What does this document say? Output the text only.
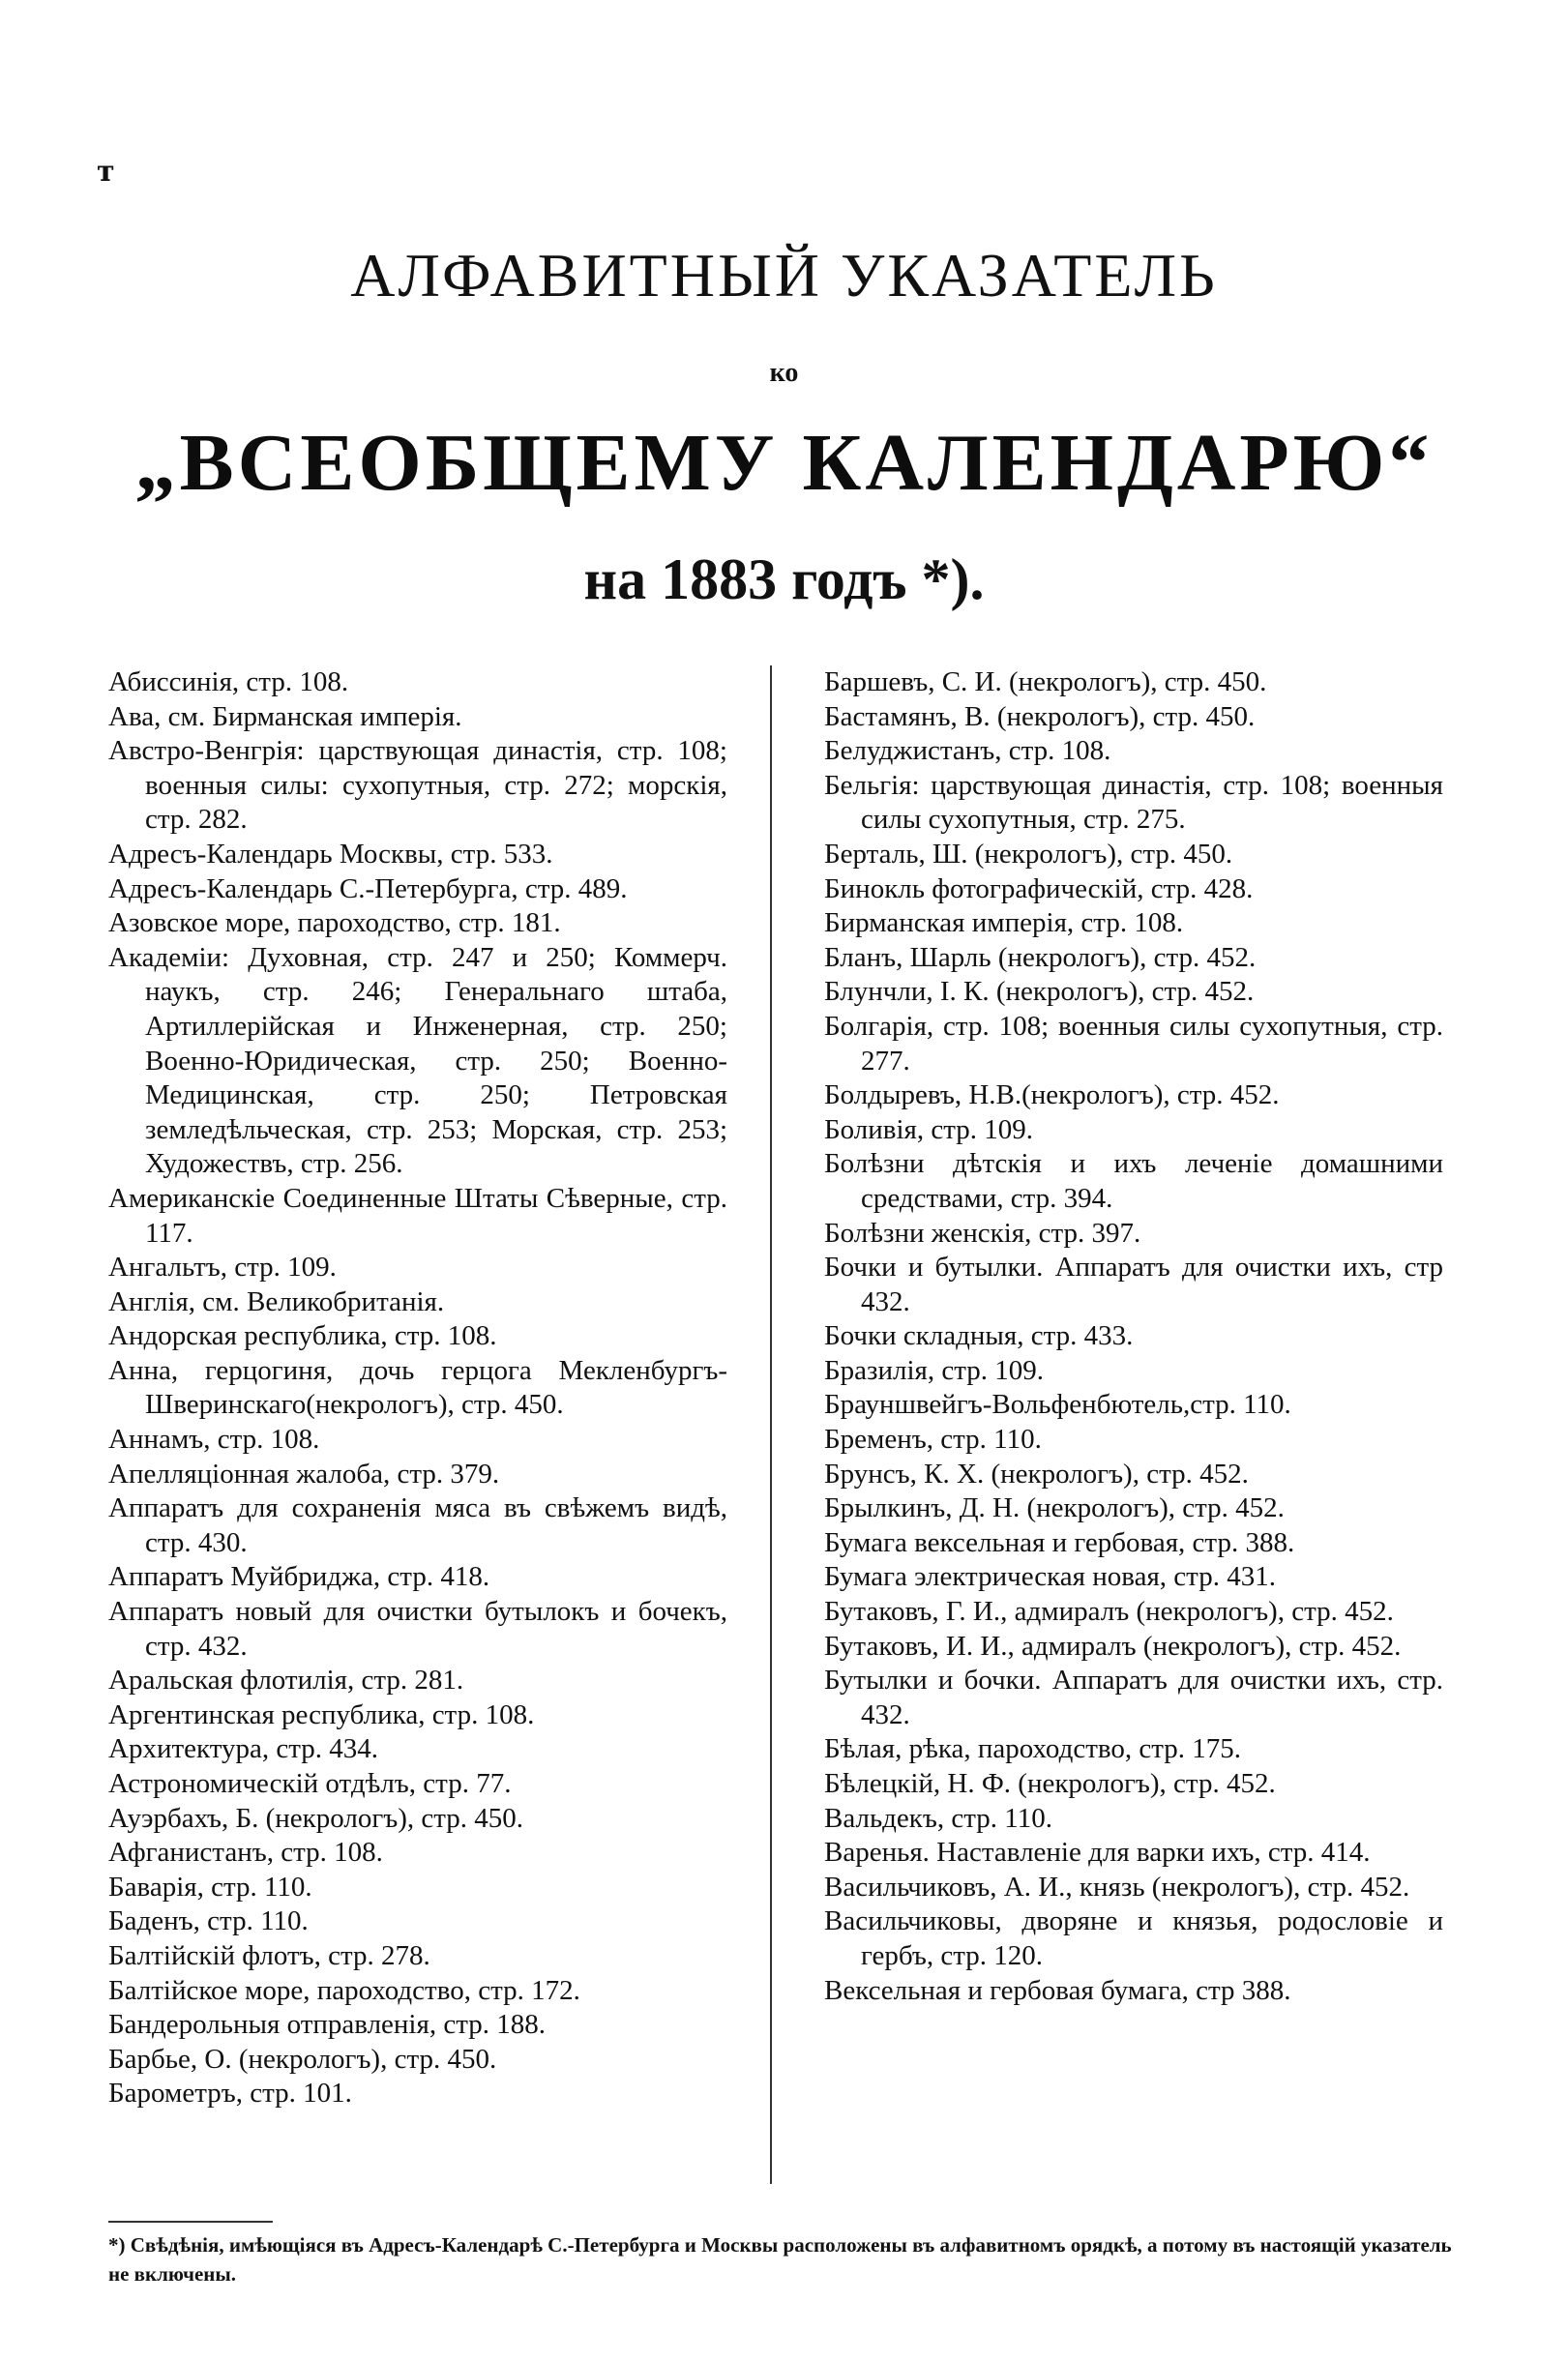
т
АЛФАВИТНЫЙ УКАЗАТЕЛЬ
ко
„ВСЕОБЩЕМУ КАЛЕНДАРЮ“
на 1883 годъ *).
Абиссинія, стр. 108.
Ава, см. Бирманская имперія.
Австро-Венгрія: царствующая династія, стр. 108; военныя силы: сухопутныя, стр. 272; морскія, стр. 282.
Адресъ-Календарь Москвы, стр. 533.
Адресъ-Календарь С.-Петербурга, стр. 489.
Азовское море, пароходство, стр. 181.
Академіи: Духовная, стр. 247 и 250; Коммерч. наукъ, стр. 246; Генеральнаго штаба, Артиллерійская и Инженерная, стр. 250; Военно-Юридическая, стр. 250; Военно-Медицинская, стр. 250; Петровская земледѣльческая, стр. 253; Морская, стр. 253; Художествъ, стр. 256.
Американскіе Соединенные Штаты Сѣверные, стр. 117.
Ангальтъ, стр. 109.
Англія, см. Великобританія.
Андорская республика, стр. 108.
Анна, герцогиня, дочь герцога Мекленбургъ-Шверинскаго(некрологъ), стр. 450.
Аннамъ, стр. 108.
Апелляціонная жалоба, стр. 379.
Аппаратъ для сохраненія мяса въ свѣжемъ видѣ, стр. 430.
Аппаратъ Муйбриджа, стр. 418.
Аппаратъ новый для очистки бутылокъ и бочекъ, стр. 432.
Аральская флотилія, стр. 281.
Аргентинская республика, стр. 108.
Архитектура, стр. 434.
Астрономическій отдѣлъ, стр. 77.
Ауэрбахъ, Б. (некрологъ), стр. 450.
Афганистанъ, стр. 108.
Баварія, стр. 110.
Баденъ, стр. 110.
Балтійскій флотъ, стр. 278.
Балтійское море, пароходство, стр. 172.
Бандерольныя отправленія, стр. 188.
Барбье, О. (некрологъ), стр. 450.
Барометръ, стр. 101.
Баршевъ, С. И. (некрологъ), стр. 450.
Бастамянъ, В. (некрологъ), стр. 450.
Белуджистанъ, стр. 108.
Бельгія: царствующая династія, стр. 108; военныя силы сухопутныя, стр. 275.
Берталь, Ш. (некрологъ), стр. 450.
Бинокль фотографическій, стр. 428.
Бирманская имперія, стр. 108.
Бланъ, Шарль (некрологъ), стр. 452.
Блунчли, І. К. (некрологъ), стр. 452.
Болгарія, стр. 108; военныя силы сухопутныя, стр. 277.
Болдыревъ, Н.В.(некрологъ), стр. 452.
Боливія, стр. 109.
Болѣзни дѣтскія и ихъ леченіе домашними средствами, стр. 394.
Болѣзни женскія, стр. 397.
Бочки и бутылки. Аппаратъ для очистки ихъ, стр 432.
Бочки складныя, стр. 433.
Бразилія, стр. 109.
Брауншвейгъ-Вольфенбютель,стр. 110.
Бременъ, стр. 110.
Брунсъ, К. Х. (некрологъ), стр. 452.
Брылкинъ, Д. Н. (некрологъ), стр. 452.
Бумага вексельная и гербовая, стр. 388.
Бумага электрическая новая, стр. 431.
Бутаковъ, Г. И., адмиралъ (некрологъ), стр. 452.
Бутаковъ, И. И., адмиралъ (некрологъ), стр. 452.
Бутылки и бочки. Аппаратъ для очистки ихъ, стр. 432.
Бѣлая, рѣка, пароходство, стр. 175.
Бѣлецкій, Н. Ф. (некрологъ), стр. 452.
Вальдекъ, стр. 110.
Варенья. Наставленіе для варки ихъ, стр. 414.
Васильчиковъ, А. И., князь (некрологъ), стр. 452.
Васильчиковы, дворяне и князья, родословіе и гербъ, стр. 120.
Вексельная и гербовая бумага, стр 388.
*) Свѣдѣнія, имѣющіяся въ Адресъ-Календарѣ С.-Петербурга и Москвы расположены въ алфавитномъ орядкѣ, а потому въ настоящій указатель не включены.
